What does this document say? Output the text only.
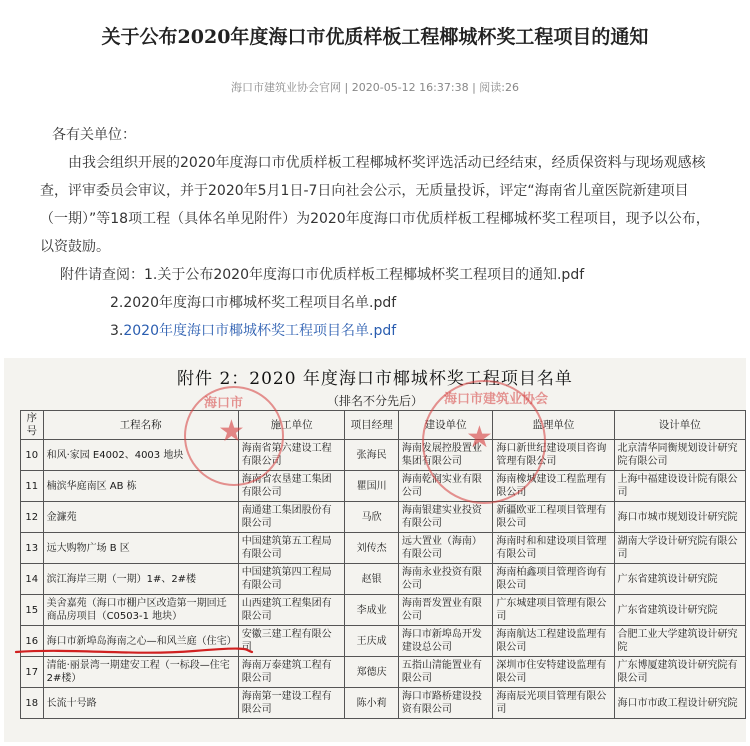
关于公布2020年度海口市优质样板工程椰城杯奖工程项目的通知
海口市建筑业协会官网 | 2020-05-12 16:37:38 | 阅读:26

各有关单位：

由我会组织开展的2020年度海口市优质样板工程椰城杯奖评选活动已经结束，经质保资料与现场观感核查，评审委员会审议，并于2020年5月1日-7日向社会公示，无质量投诉，评定“海南省儿童医院新建项目（一期）”等18项工程（具体名单见附件）为2020年度海口市优质样板工程椰城杯奖工程项目，现予以公布，以资鼓励。

附件请查阅：1.关于公布2020年度海口市优质样板工程椰城杯奖工程项目的通知.pdf

2.2020年度海口市椰城杯奖工程项目名单.pdf

3.2020年度海口市椰城杯奖工程项目名单.pdf

附件 2：2020 年度海口市椰城杯奖工程项目名单
（排名不分先后）
序号	工程名称	施工单位	项目经理	建设单位	监理单位	设计单位
10	和风·家园 E4002、4003 地块	海南省第六建设工程有限公司	张海民	海南发展控股置业集团有限公司	海口新世纪建设项目咨询管理有限公司	北京清华同衡规划设计研究院有限公司
11	楠滨华庭南区 AB 栋	海南省农垦建工集团有限公司	瞿国川	海南乾润实业有限公司	海南橡城建设工程监理有限公司	上海中福建设设计院有限公司
12	金濂苑	南通建工集团股份有限公司	马欣	海南银建实业投资有限公司	新疆欧亚工程项目管理有限公司	海口市城市规划设计研究院
13	远大购物广场 B 区	中国建筑第五工程局有限公司	刘传杰	远大置业（海南）有限公司	海南时和和建设项目管理有限公司	湖南大学设计研究院有限公司
14	滨江海岸三期（一期）1#、2#楼	中国建筑第四工程局有限公司	赵银	海南永业投资有限公司	海南柏鑫项目管理咨询有限公司	广东省建筑设计研究院
15	美舍嘉苑（海口市棚户区改造第一期回迁商品房项目（C0503-1 地块）	山西建筑工程集团有限公司	李成业	海南晋发置业有限公司	广东城建项目管理有限公司	广东省建筑设计研究院
16	海口市新埠岛海南之心—和风兰庭（住宅）	安徽三建工程有限公司	王庆成	海口市新埠岛开发建设总公司	海南航达工程建设监理有限公司	合肥工业大学建筑设计研究院
17	清能·丽景湾一期建安工程（一标段—住宅 2#楼）	海南万泰建筑工程有限公司	郑德庆	五指山清能置业有限公司	深圳市住安特建设监理有限公司	广东博厦建筑设计研究院有限公司
18	长流十号路	海南第一建设工程有限公司	陈小莉	海口市路桥建设投资有限公司	海南辰光项目管理有限公司	海口市市政工程设计研究院
★
海口市
★
海口市建筑业协会
